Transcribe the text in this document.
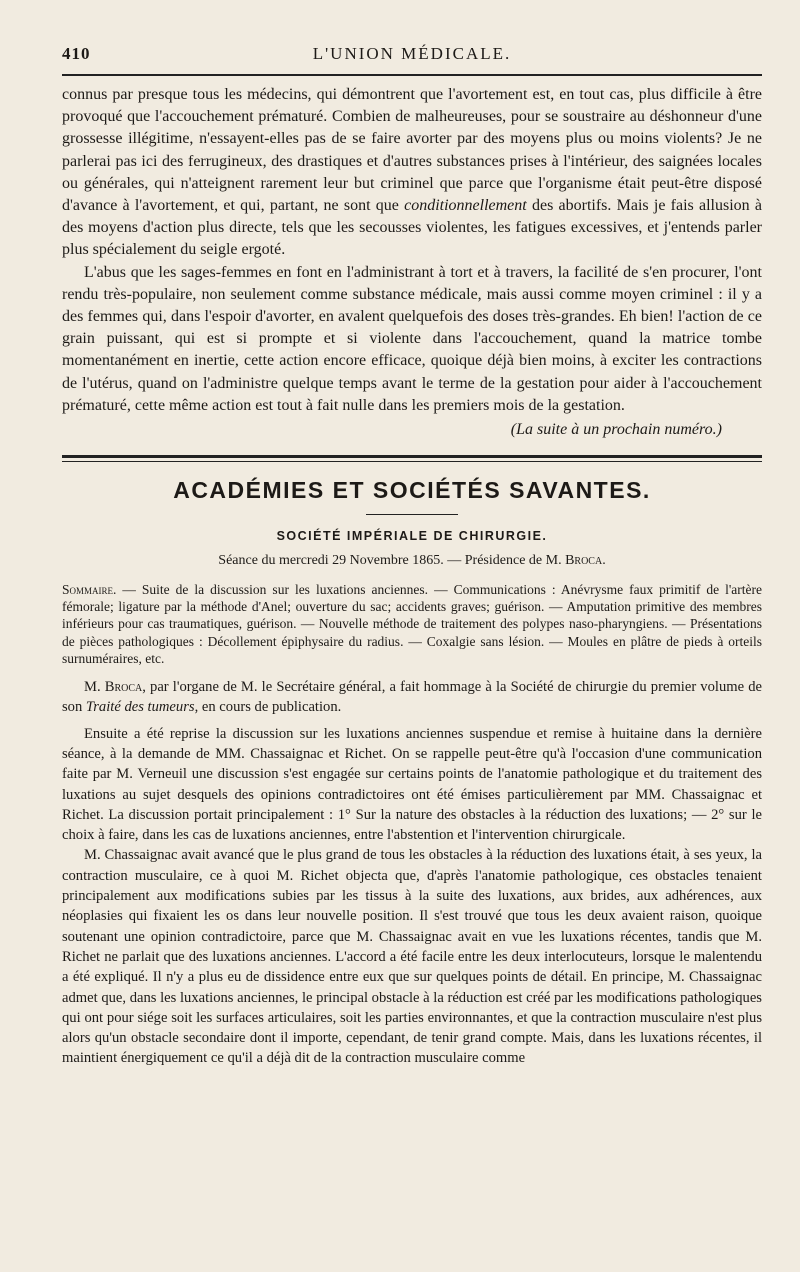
410	L'UNION MÉDICALE.

connus par presque tous les médecins, qui démontrent que l'avortement est, en tout cas, plus difficile à être provoqué que l'accouchement prématuré. Combien de malheureuses, pour se soustraire au déshonneur d'une grossesse illégitime, n'essayent-elles pas de se faire avorter par des moyens plus ou moins violents? Je ne parlerai pas ici des ferrugineux, des drastiques et d'autres substances prises à l'intérieur, des saignées locales ou générales, qui n'atteignent rarement leur but criminel que parce que l'organisme était peut-être disposé d'avance à l'avortement, et qui, partant, ne sont que conditionnellement des abortifs. Mais je fais allusion à des moyens d'action plus directe, tels que les secousses violentes, les fatigues excessives, et j'entends parler plus spécialement du seigle ergoté.

L'abus que les sages-femmes en font en l'administrant à tort et à travers, la facilité de s'en procurer, l'ont rendu très-populaire, non seulement comme substance médicale, mais aussi comme moyen criminel : il y a des femmes qui, dans l'espoir d'avorter, en avalent quelquefois des doses très-grandes. Eh bien! l'action de ce grain puissant, qui est si prompte et si violente dans l'accouchement, quand la matrice tombe momentanément en inertie, cette action encore efficace, quoique déjà bien moins, à exciter les contractions de l'utérus, quand on l'administre quelque temps avant le terme de la gestation pour aider à l'accouchement prématuré, cette même action est tout à fait nulle dans les premiers mois de la gestation.

(La suite à un prochain numéro.)

ACADÉMIES ET SOCIÉTÉS SAVANTES.
SOCIÉTÉ IMPÉRIALE DE CHIRURGIE.
Séance du mercredi 29 Novembre 1865. — Présidence de M. Broca.

Sommaire. — Suite de la discussion sur les luxations anciennes. — Communications : Anévrysme faux primitif de l'artère fémorale; ligature par la méthode d'Anel; ouverture du sac; accidents graves; guérison. — Amputation primitive des membres inférieurs pour cas traumatiques, guérison. — Nouvelle méthode de traitement des polypes naso-pharyngiens. — Présentations de pièces pathologiques : Décollement épiphysaire du radius. — Coxalgie sans lésion. — Moules en plâtre de pieds à orteils surnuméraires, etc.

M. Broca, par l'organe de M. le Secrétaire général, a fait hommage à la Société de chirurgie du premier volume de son Traité des tumeurs, en cours de publication.

Ensuite a été reprise la discussion sur les luxations anciennes suspendue et remise à huitaine dans la dernière séance, à la demande de MM. Chassaignac et Richet. On se rappelle peut-être qu'à l'occasion d'une communication faite par M. Verneuil une discussion s'est engagée sur certains points de l'anatomie pathologique et du traitement des luxations au sujet desquels des opinions contradictoires ont été émises particulièrement par MM. Chassaignac et Richet. La discussion portait principalement : 1° Sur la nature des obstacles à la réduction des luxations; — 2° sur le choix à faire, dans les cas de luxations anciennes, entre l'abstention et l'intervention chirurgicale.

M. Chassaignac avait avancé que le plus grand de tous les obstacles à la réduction des luxations était, à ses yeux, la contraction musculaire, ce à quoi M. Richet objecta que, d'après l'anatomie pathologique, ces obstacles tenaient principalement aux modifications subies par les tissus à la suite des luxations, aux brides, aux adhérences, aux néoplasies qui fixaient les os dans leur nouvelle position. Il s'est trouvé que tous les deux avaient raison, quoique soutenant une opinion contradictoire, parce que M. Chassaignac avait en vue les luxations récentes, tandis que M. Richet ne parlait que des luxations anciennes. L'accord a été facile entre les deux interlocuteurs, lorsque le malentendu a été expliqué. Il n'y a plus eu de dissidence entre eux que sur quelques points de détail. En principe, M. Chassaignac admet que, dans les luxations anciennes, le principal obstacle à la réduction est créé par les modifications pathologiques qui ont pour siége soit les surfaces articulaires, soit les parties environnantes, et que la contraction musculaire n'est plus alors qu'un obstacle secondaire dont il importe, cependant, de tenir grand compte. Mais, dans les luxations récentes, il maintient énergiquement ce qu'il a déjà dit de la contraction musculaire comme
